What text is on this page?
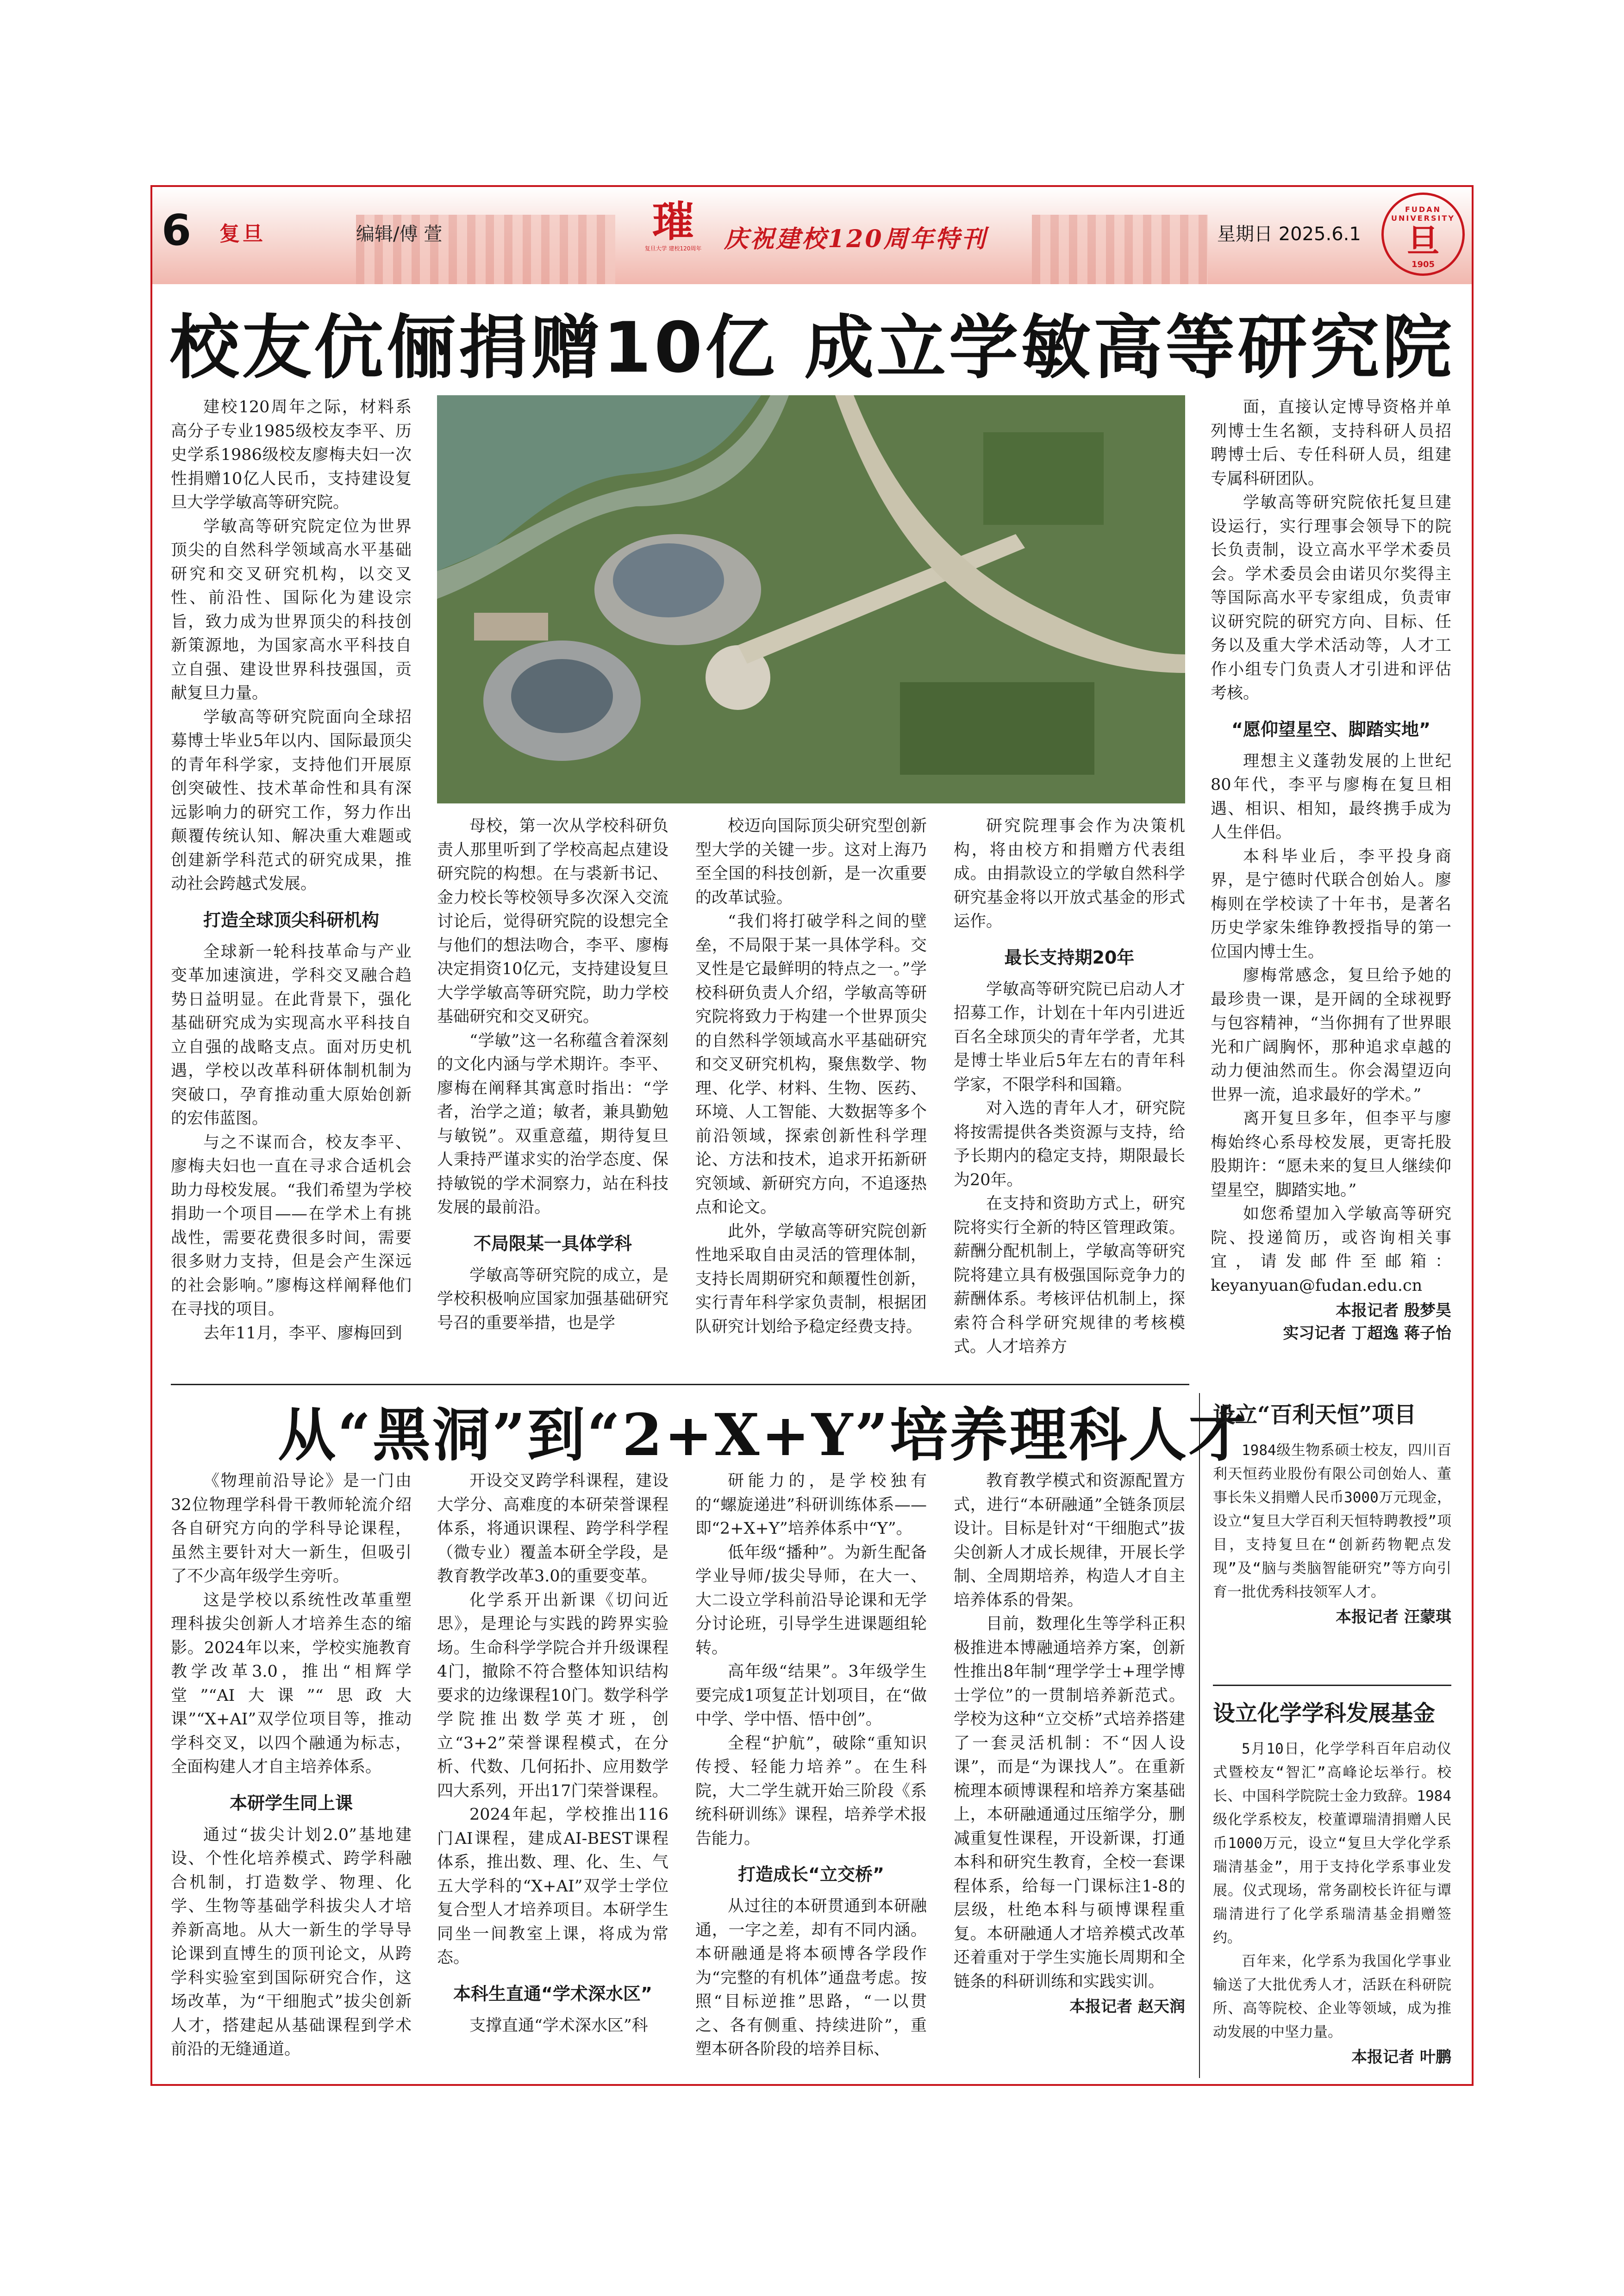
6 复旦	编辑/傅 萱	璀
复旦大学 建校120周年 庆祝建校120周年特刊	星期日 2025.6.1
FUDAN UNIVERSITY
旦
1905
校友伉俪捐赠10亿 成立学敏高等研究院

建校120周年之际，材料系高分子专业1985级校友李平、历史学系1986级校友廖梅夫妇一次性捐赠10亿人民币，支持建设复旦大学学敏高等研究院。

学敏高等研究院定位为世界顶尖的自然科学领域高水平基础研究和交叉研究机构，以交叉性、前沿性、国际化为建设宗旨，致力成为世界顶尖的科技创新策源地，为国家高水平科技自立自强、建设世界科技强国，贡献复旦力量。

学敏高等研究院面向全球招募博士毕业5年以内、国际最顶尖的青年科学家，支持他们开展原创突破性、技术革命性和具有深远影响力的研究工作，努力作出颠覆传统认知、解决重大难题或创建新学科范式的研究成果，推动社会跨越式发展。

打造全球顶尖科研机构

全球新一轮科技革命与产业变革加速演进，学科交叉融合趋势日益明显。在此背景下，强化基础研究成为实现高水平科技自立自强的战略支点。面对历史机遇，学校以改革科研体制机制为突破口，孕育推动重大原始创新的宏伟蓝图。

与之不谋而合，校友李平、廖梅夫妇也一直在寻求合适机会助力母校发展。“我们希望为学校捐助一个项目——在学术上有挑战性，需要花费很多时间，需要很多财力支持，但是会产生深远的社会影响。”廖梅这样阐释他们在寻找的项目。

去年11月，李平、廖梅回到

母校，第一次从学校科研负责人那里听到了学校高起点建设研究院的构想。在与裘新书记、金力校长等校领导多次深入交流讨论后，觉得研究院的设想完全与他们的想法吻合，李平、廖梅决定捐资10亿元，支持建设复旦大学学敏高等研究院，助力学校基础研究和交叉研究。

“学敏”这一名称蕴含着深刻的文化内涵与学术期许。李平、廖梅在阐释其寓意时指出：“学者，治学之道；敏者，兼具勤勉与敏锐”。双重意蕴，期待复旦人秉持严谨求实的治学态度、保持敏锐的学术洞察力，站在科技发展的最前沿。

不局限某一具体学科

学敏高等研究院的成立，是学校积极响应国家加强基础研究号召的重要举措，也是学

校迈向国际顶尖研究型创新型大学的关键一步。这对上海乃至全国的科技创新，是一次重要的改革试验。

“我们将打破学科之间的壁垒，不局限于某一具体学科。交叉性是它最鲜明的特点之一。”学校科研负责人介绍，学敏高等研究院将致力于构建一个世界顶尖的自然科学领域高水平基础研究和交叉研究机构，聚焦数学、物理、化学、材料、生物、医药、环境、人工智能、大数据等多个前沿领域，探索创新性科学理论、方法和技术，追求开拓新研究领域、新研究方向，不追逐热点和论文。

此外，学敏高等研究院创新性地采取自由灵活的管理体制，支持长周期研究和颠覆性创新，实行青年科学家负责制，根据团队研究计划给予稳定经费支持。

研究院理事会作为决策机构，将由校方和捐赠方代表组成。由捐款设立的学敏自然科学研究基金将以开放式基金的形式运作。

最长支持期20年

学敏高等研究院已启动人才招募工作，计划在十年内引进近百名全球顶尖的青年学者，尤其是博士毕业后5年左右的青年科学家，不限学科和国籍。

对入选的青年人才，研究院将按需提供各类资源与支持，给予长期内的稳定支持，期限最长为20年。

在支持和资助方式上，研究院将实行全新的特区管理政策。薪酬分配机制上，学敏高等研究院将建立具有极强国际竞争力的薪酬体系。考核评估机制上，探索符合科学研究规律的考核模式。人才培养方

面，直接认定博导资格并单列博士生名额，支持科研人员招聘博士后、专任科研人员，组建专属科研团队。

学敏高等研究院依托复旦建设运行，实行理事会领导下的院长负责制，设立高水平学术委员会。学术委员会由诺贝尔奖得主等国际高水平专家组成，负责审议研究院的研究方向、目标、任务以及重大学术活动等，人才工作小组专门负责人才引进和评估考核。

“愿仰望星空、脚踏实地”

理想主义蓬勃发展的上世纪80年代，李平与廖梅在复旦相遇、相识、相知，最终携手成为人生伴侣。

本科毕业后，李平投身商界，是宁德时代联合创始人。廖梅则在学校读了十年书，是著名历史学家朱维铮教授指导的第一位国内博士生。

廖梅常感念，复旦给予她的最珍贵一课，是开阔的全球视野与包容精神，“当你拥有了世界眼光和广阔胸怀，那种追求卓越的动力便油然而生。你会渴望迈向世界一流，追求最好的学术。”

离开复旦多年，但李平与廖梅始终心系母校发展，更寄托股股期许：“愿未来的复旦人继续仰望星空，脚踏实地。”

如您希望加入学敏高等研究院、投递简历，或咨询相关事宜，请发邮件至邮箱：keyanyuan@fudan.edu.cn

本报记者 殷梦昊

实习记者 丁超逸 蒋子怡

从“黑洞”到“2+X+Y”培养理科人才

《物理前沿导论》是一门由32位物理学科骨干教师轮流介绍各自研究方向的学科导论课程，虽然主要针对大一新生，但吸引了不少高年级学生旁听。

这是学校以系统性改革重塑理科拔尖创新人才培养生态的缩影。2024年以来，学校实施教育教学改革3.0，推出“相辉学堂”“AI大课”“思政大课”“X+AI”双学位项目等，推动学科交叉，以四个融通为标志，全面构建人才自主培养体系。

本研学生同上课

通过“拔尖计划2.0”基地建设、个性化培养模式、跨学科融合机制，打造数学、物理、化学、生物等基础学科拔尖人才培养新高地。从大一新生的学导导论课到直博生的顶刊论文，从跨学科实验室到国际研究合作，这场改革，为“干细胞式”拔尖创新人才，搭建起从基础课程到学术前沿的无缝通道。

开设交叉跨学科课程，建设大学分、高难度的本研荣誉课程体系，将通识课程、跨学科学程（微专业）覆盖本研全学段，是教育教学改革3.0的重要变革。

化学系开出新课《切问近思》，是理论与实践的跨界实验场。生命科学学院合并升级课程4门，撤除不符合整体知识结构要求的边缘课程10门。数学科学学院推出数学英才班，创立“3+2”荣誉课程模式，在分析、代数、几何拓扑、应用数学四大系列，开出17门荣誉课程。

2024年起，学校推出116门AI课程，建成AI-BEST课程体系，推出数、理、化、生、气五大学科的“X+AI”双学士学位复合型人才培养项目。本研学生同坐一间教室上课，将成为常态。

本科生直通“学术深水区”

支撑直通“学术深水区”科

研能力的，是学校独有的“螺旋递进”科研训练体系——即“2+X+Y”培养体系中“Y”。

低年级“播种”。为新生配备学业导师/拔尖导师，在大一、大二设立学科前沿导论课和无学分讨论班，引导学生进课题组轮转。

高年级“结果”。3年级学生要完成1项复芷计划项目，在“做中学、学中悟、悟中创”。

全程“护航”，破除“重知识传授、轻能力培养”。在生科院，大二学生就开始三阶段《系统科研训练》课程，培养学术报告能力。

打造成长“立交桥”

从过往的本研贯通到本研融通，一字之差，却有不同内涵。本研融通是将本硕博各学段作为“完整的有机体”通盘考虑。按照“目标逆推”思路，“一以贯之、各有侧重、持续进阶”，重塑本研各阶段的培养目标、

教育教学模式和资源配置方式，进行“本研融通”全链条顶层设计。目标是针对“干细胞式”拔尖创新人才成长规律，开展长学制、全周期培养，构造人才自主培养体系的骨架。

目前，数理化生等学科正积极推进本博融通培养方案，创新性推出8年制“理学学士+理学博士学位”的一贯制培养新范式。学校为这种“立交桥”式培养搭建了一套灵活机制：不“因人设课”，而是“为课找人”。在重新梳理本硕博课程和培养方案基础上，本研融通通过压缩学分，删减重复性课程，开设新课，打通本科和研究生教育，全校一套课程体系，给每一门课标注1-8的层级，杜绝本科与硕博课程重复。本研融通人才培养模式改革还着重对于学生实施长周期和全链条的科研训练和实践实训。

本报记者 赵天润

设立“百利天恒”项目

1984级生物系硕士校友，四川百利天恒药业股份有限公司创始人、董事长朱义捐赠人民币3000万元现金，设立“复旦大学百利天恒特聘教授”项目，支持复旦在“创新药物靶点发现”及“脑与类脑智能研究”等方向引育一批优秀科技领军人才。

本报记者 汪蒙琪

设立化学学科发展基金

5月10日，化学学科百年启动仪式暨校友“智汇”高峰论坛举行。校长、中国科学院院士金力致辞。1984级化学系校友，校董谭瑞清捐赠人民币1000万元，设立“复旦大学化学系瑞清基金”，用于支持化学系事业发展。仪式现场，常务副校长许征与谭瑞清进行了化学系瑞清基金捐赠签约。

百年来，化学系为我国化学事业输送了大批优秀人才，活跃在科研院所、高等院校、企业等领域，成为推动发展的中坚力量。

本报记者 叶鹏
